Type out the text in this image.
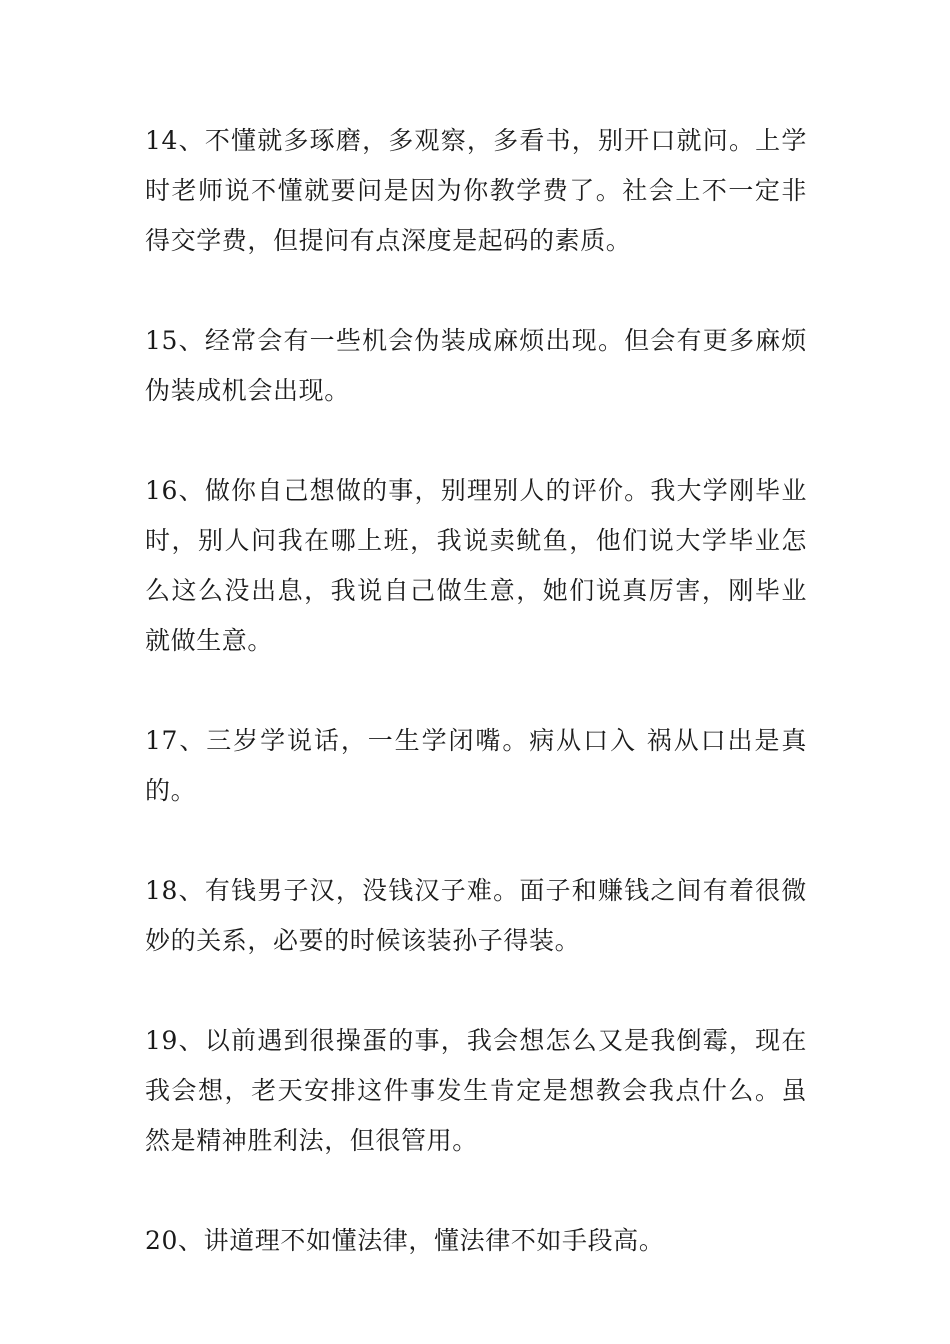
14、不懂就多琢磨，多观察，多看书，别开口就问。上学时老师说不懂就要问是因为你教学费了。社会上不一定非得交学费，但提问有点深度是起码的素质。

15、经常会有一些机会伪装成麻烦出现。但会有更多麻烦伪装成机会出现。

16、做你自己想做的事，别理别人的评价。我大学刚毕业时，别人问我在哪上班，我说卖鱿鱼，他们说大学毕业怎么这么没出息，我说自己做生意，她们说真厉害，刚毕业就做生意。

17、三岁学说话，一生学闭嘴。病从口入 祸从口出是真的。

18、有钱男子汉，没钱汉子难。面子和赚钱之间有着很微妙的关系，必要的时候该装孙子得装。

19、以前遇到很操蛋的事，我会想怎么又是我倒霉，现在我会想，老天安排这件事发生肯定是想教会我点什么。虽然是精神胜利法，但很管用。

20、讲道理不如懂法律，懂法律不如手段高。
